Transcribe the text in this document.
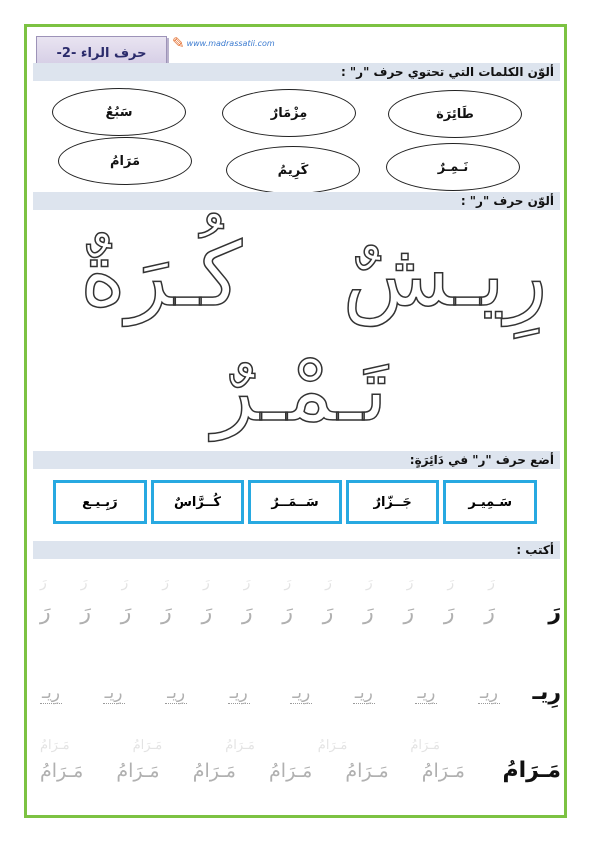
حرف الراء -2-
✎ www.madrassatii.com
ألوّن الكلمات التي تحتوي حرف "ر" :
طَائِرَة
مِزْمَارٌ
سَبُعٌ
نَـمِـرٌ
كَرِيمُ
مَرَامُ
ألوّن حرف "ر" :
رِيـشٌ
كُـرَةٌ
تَـمْـرٌ
أضع حرف "ر" في دَائِرَةٍ:
سَـمِيـر
جَــزّارٌ
سَــمَــرٌ
كُــرَّاسٌ
رَبِـيـع
أكتب :
رَ
رَ رَ رَ رَ رَ رَ رَ رَ رَ رَ رَ رَ
رَ رَ رَ رَ رَ رَ رَ رَ رَ رَ رَ رَ
رِيـ
رِيـ	رِيـ	رِيـ	رِيـ	رِيـ	رِيـ	رِيـ	رِيـ
مَـرَامُ
مَـرَامُ	مَـرَامُ	مَـرَامُ	مَـرَامُ	مَـرَامُ
مَـرَامُ مَـرَامُ مَـرَامُ مَـرَامُ مَـرَامُ مَـرَامُ
